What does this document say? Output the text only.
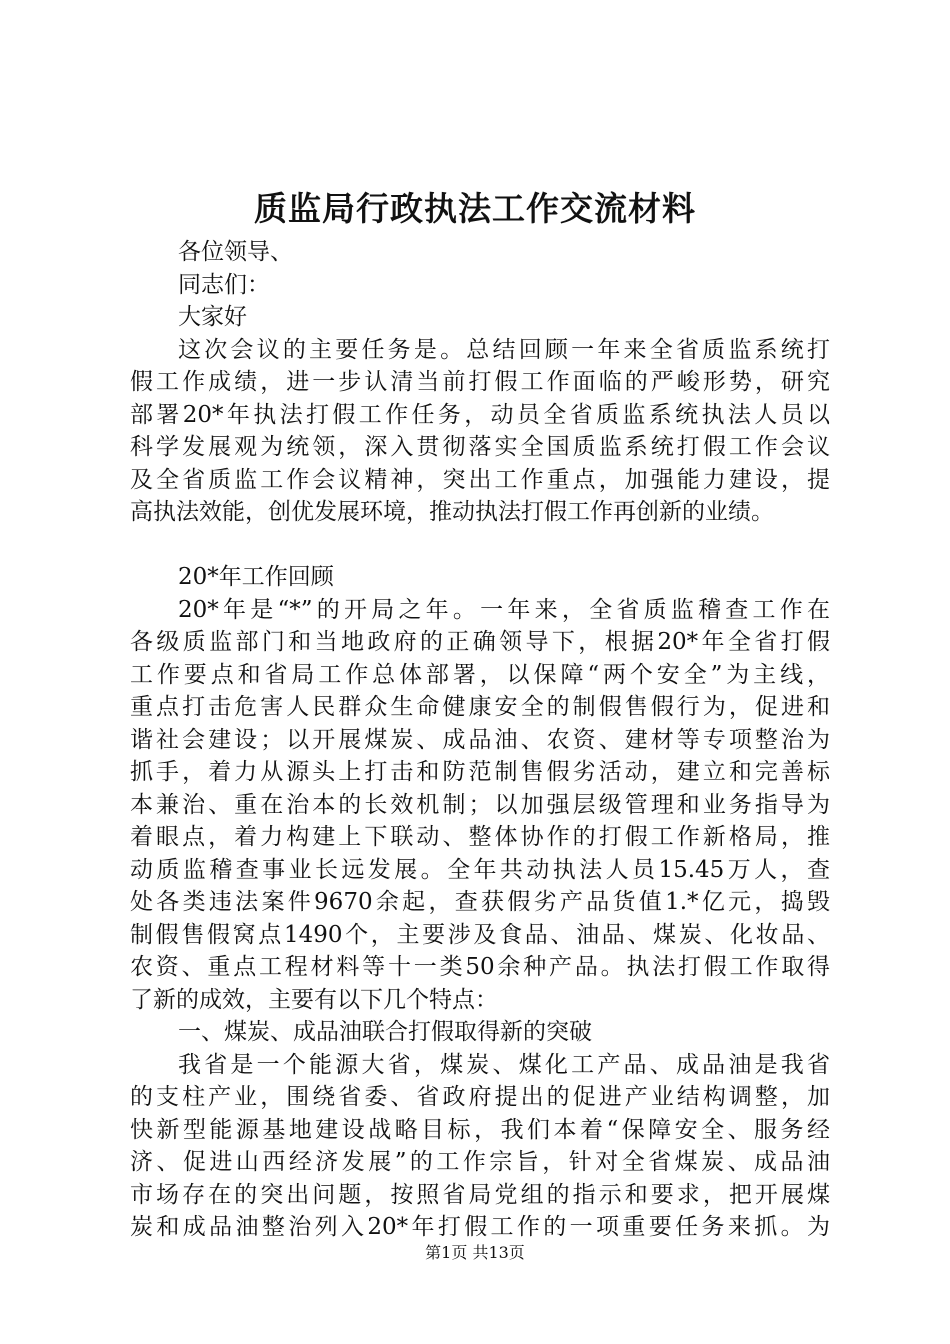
质监局行政执法工作交流材料
各位领导、
同志们：
大家好
这次会议的主要任务是。总结回顾一年来全省质监系统打
假工作成绩，进一步认清当前打假工作面临的严峻形势，研究
部署20*年执法打假工作任务，动员全省质监系统执法人员以
科学发展观为统领，深入贯彻落实全国质监系统打假工作会议
及全省质监工作会议精神，突出工作重点，加强能力建设，提
高执法效能，创优发展环境，推动执法打假工作再创新的业绩。
20*年工作回顾
20*年是“*”的开局之年。一年来，全省质监稽查工作在
各级质监部门和当地政府的正确领导下，根据20*年全省打假
工作要点和省局工作总体部署，以保障“两个安全”为主线，
重点打击危害人民群众生命健康安全的制假售假行为，促进和
谐社会建设；以开展煤炭、成品油、农资、建材等专项整治为
抓手，着力从源头上打击和防范制售假劣活动，建立和完善标
本兼治、重在治本的长效机制；以加强层级管理和业务指导为
着眼点，着力构建上下联动、整体协作的打假工作新格局，推
动质监稽查事业长远发展。全年共动执法人员15.45万人，查
处各类违法案件9670余起，查获假劣产品货值1.*亿元，捣毁
制假售假窝点1490个，主要涉及食品、油品、煤炭、化妆品、
农资、重点工程材料等十一类50余种产品。执法打假工作取得
了新的成效，主要有以下几个特点：
一、煤炭、成品油联合打假取得新的突破
我省是一个能源大省，煤炭、煤化工产品、成品油是我省
的支柱产业，围绕省委、省政府提出的促进产业结构调整，加
快新型能源基地建设战略目标，我们本着“保障安全、服务经
济、促进山西经济发展”的工作宗旨，针对全省煤炭、成品油
市场存在的突出问题，按照省局党组的指示和要求，把开展煤
炭和成品油整治列入20*年打假工作的一项重要任务来抓。为
第1页 共13页
